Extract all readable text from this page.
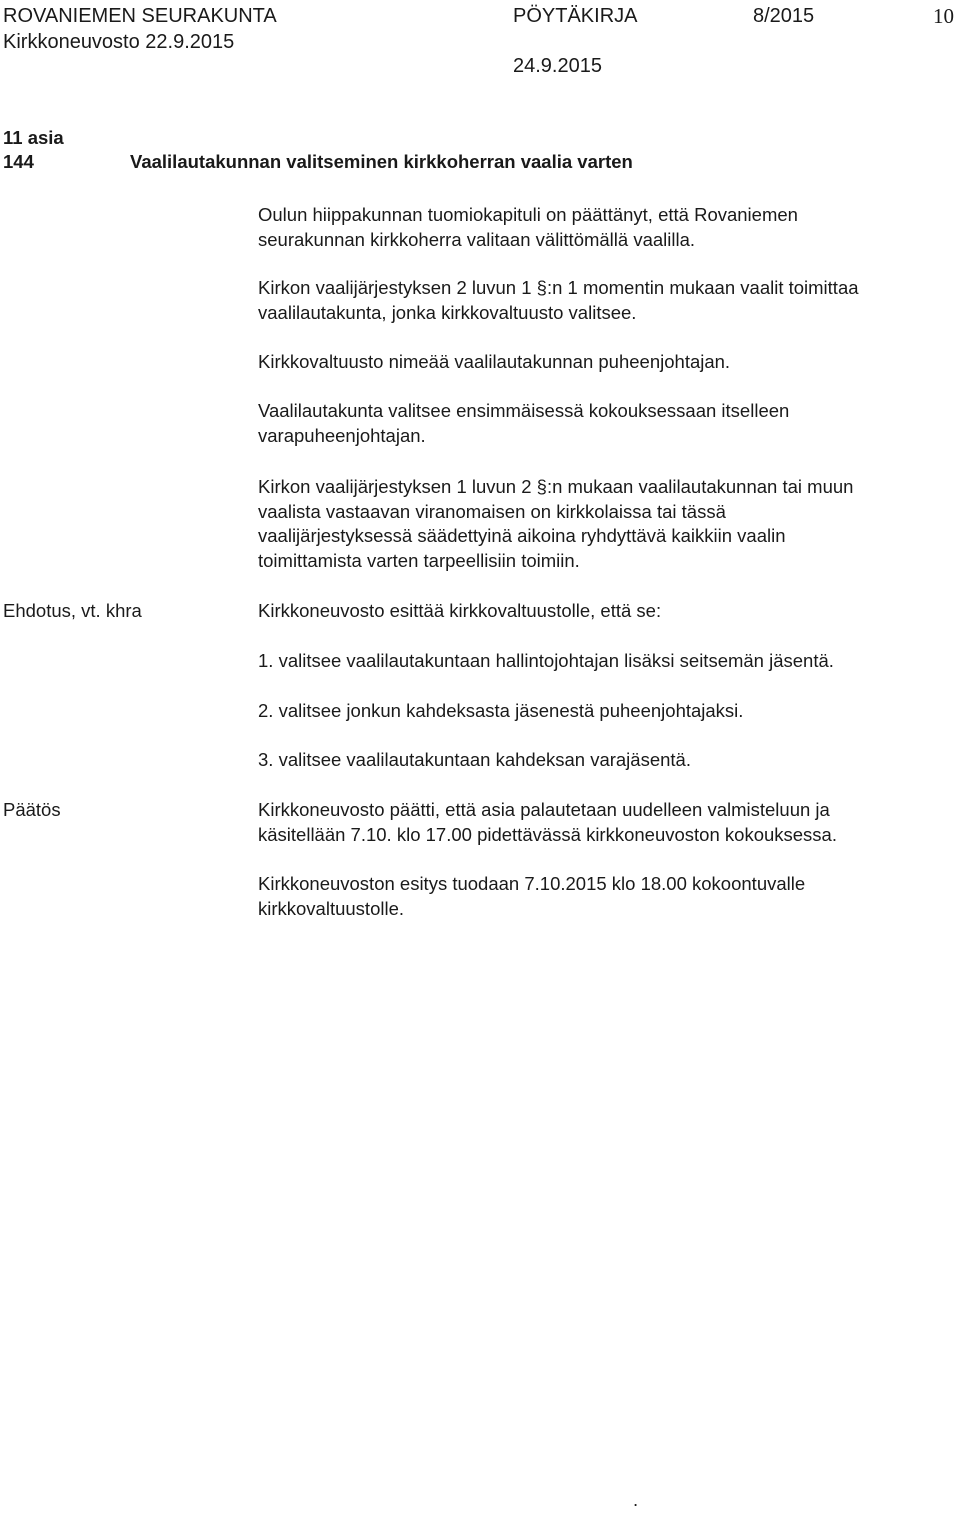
ROVANIEMEN SEURAKUNTA	PÖYTÄKIRJA	8/2015	10
Kirkkoneuvosto 22.9.2015
24.9.2015
11 asia
144	Vaalilautakunnan valitseminen kirkkoherran vaalia varten

Oulun hiippakunnan tuomiokapituli on päättänyt, että Rovaniemen
seurakunnan kirkkoherra valitaan välittömällä vaalilla.

Kirkon vaalijärjestyksen 2 luvun 1 §:n 1 momentin mukaan vaalit toimittaa
vaalilautakunta, jonka kirkkovaltuusto valitsee.

Kirkkovaltuusto nimeää vaalilautakunnan puheenjohtajan.

Vaalilautakunta valitsee ensimmäisessä kokouksessaan itselleen
varapuheenjohtajan.

Kirkon vaalijärjestyksen 1 luvun 2 §:n mukaan vaalilautakunnan tai muun
vaalista vastaavan viranomaisen on kirkkolaissa tai tässä
vaalijärjestyksessä säädettyinä aikoina ryhdyttävä kaikkiin vaalin
toimittamista varten tarpeellisiin toimiin.

Ehdotus, vt. khra	Kirkkoneuvosto esittää kirkkovaltuustolle, että se:

1. valitsee vaalilautakuntaan hallintojohtajan lisäksi seitsemän jäsentä.

2. valitsee jonkun kahdeksasta jäsenestä puheenjohtajaksi.

3. valitsee vaalilautakuntaan kahdeksan varajäsentä.

Päätös	Kirkkoneuvosto päätti, että asia palautetaan uudelleen valmisteluun ja
käsitellään 7.10. klo 17.00 pidettävässä kirkkoneuvoston kokouksessa.

Kirkkoneuvoston esitys tuodaan 7.10.2015 klo 18.00 kokoontuvalle
kirkkovaltuustolle.

.
